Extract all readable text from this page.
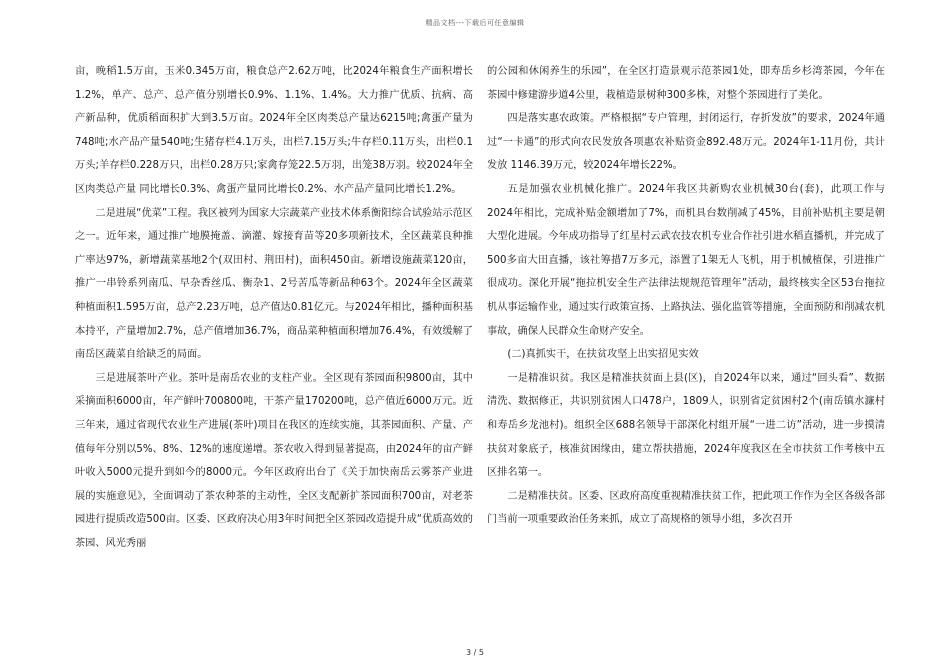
精品文档---下载后可任意编辑

亩，晚稻1.5万亩，玉米0.345万亩，粮食总产2.62万吨，比2024年粮食生产面积增长1.2%，单产、总产、总产值分别增长0.9%、1.1%、1.4%。大力推广优质、抗病、高产新品种，优质稻面积扩大到3.5万亩。2024年全区肉类总产量达6215吨;禽蛋产量为748吨;水产品产量540吨;生猪存栏4.1万头，出栏7.15万头;牛存栏0.11万头，出栏0.1万头;羊存栏0.228万只，出栏0.28万只;家禽存笼22.5万羽，出笼38万羽。较2024年全区肉类总产量 同比增长0.3%、禽蛋产量同比增长0.2%、水产品产量同比增长1.2%。

二是进展“优菜”工程。我区被列为国家大宗蔬菜产业技术体系衡阳综合试验站示范区之一。近年来，通过推广地膜掩盖、滴灌、嫁接育苗等20多项新技术，全区蔬菜良种推广率达97%，新增蔬菜基地2个(双田村、荆田村)，面积450亩。新增设施蔬菜120亩，推广一串铃系列南瓜、早杂香丝瓜、衡杂1、2号苦瓜等新品种63个。2024年全区蔬菜种植面积1.595万亩，总产2.23万吨，总产值达0.81亿元。与2024年相比，播种面积基本持平，产量增加2.7%，总产值增加36.7%，商品菜种植面积增加76.4%，有效缓解了南岳区蔬菜自给缺乏的局面。

三是进展茶叶产业。茶叶是南岳农业的支柱产业。全区现有茶园面积9800亩，其中采摘面积6000亩，年产鲜叶700800吨，干茶产量170200吨，总产值近6000万元。近三年来，通过省现代农业生产进展(茶叶)项目在我区的连续实施，其茶园面积、产量、产值每年分别以5%、8%、12%的速度递增。茶农收入得到显著提高，由2024年的亩产鲜叶收入5000元提升到如今的8000元。今年区政府出台了《关于加快南岳云雾茶产业进展的实施意见》，全面调动了茶农种茶的主动性，全区支配新扩茶园面积700亩，对老茶园进行提质改造500亩。区委、区政府决心用3年时间把全区茶园改造提升成“优质高效的茶园、风光秀丽

的公园和休闲养生的乐园”，在全区打造景观示范茶园1处，即寿岳乡杉湾茶园，今年在茶园中修建游步道4公里，栽植造景树种300多株，对整个茶园进行了美化。

四是落实惠农政策。严格根据“专户管理，封闭运行，存折发放”的要求，2024年通过“一卡通”的形式向农民发放各项惠农补贴资金892.48万元。2024年1-11月份，共计发放 1146.39万元，较2024年增长22%。

五是加强农业机械化推广。2024年我区共新购农业机械30台(套)，此项工作与2024年相比，完成补贴金额增加了7%，而机具台数削减了45%，目前补贴机主要是朝大型化进展。今年成功指导了红星村云武农技农机专业合作社引进水稻直播机，并完成了500多亩大田直播，该社筹措7万多元，添置了1架无人飞机，用于机械植保，引进推广很成功。深化开展“拖拉机安全生产法律法规规范管理年”活动，最终核实全区53台拖拉机从事运输作业，通过实行政策宣扬、上路执法、强化监管等措施，全面预防和削减农机事故，确保人民群众生命财产安全。

(二)真抓实干，在扶贫攻坚上出实招见实效

一是精准识贫。我区是精准扶贫面上县(区)，自2024年以来，通过“回头看”、数据清洗、数据修正，共识别贫困人口478户，1809人，识别省定贫困村2个(南岳镇水濂村和寿岳乡龙池村)。组织全区688名领导干部深化村组开展“一进二访”活动，进一步摸清扶贫对象底子，核准贫困缘由，建立帮扶措施，2024年度我区在全市扶贫工作考核中五区排名第一。

二是精准扶贫。区委、区政府高度重视精准扶贫工作，把此项工作作为全区各级各部门当前一项重要政治任务来抓，成立了高规格的领导小组，多次召开

3 / 5
